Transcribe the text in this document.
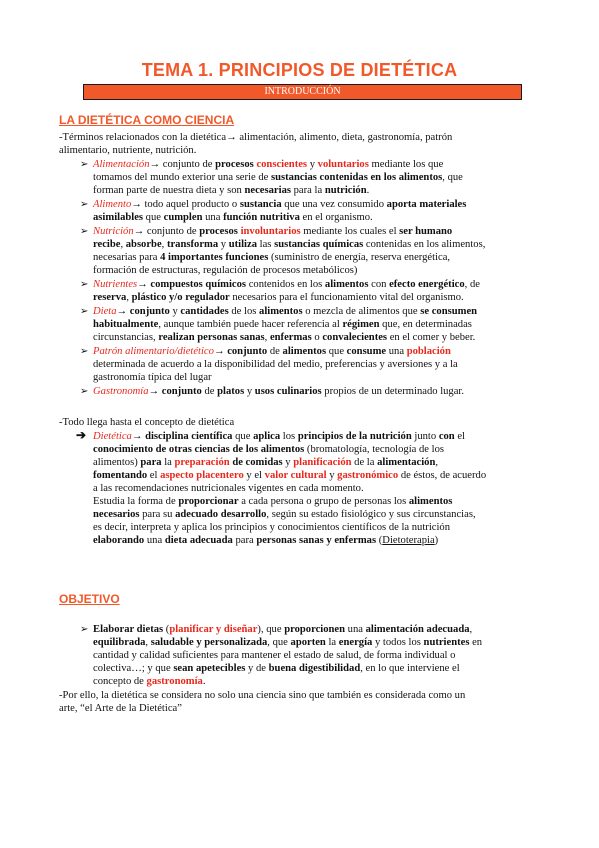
TEMA 1. PRINCIPIOS DE DIETÉTICA
INTRODUCCIÓN
LA DIETÉTICA COMO CIENCIA
-Términos relacionados con la dietética→ alimentación, alimento, dieta, gastronomía, patrón
alimentario, nutriente, nutrición.
➢ Alimentación→ conjunto de procesos conscientes y voluntarios mediante los que
tomamos del mundo exterior una serie de sustancias contenidas en los alimentos, que
forman parte de nuestra dieta y son necesarias para la nutrición.
➢ Alimento→ todo aquel producto o sustancia que una vez consumido aporta materiales
asimilables que cumplen una función nutritiva en el organismo.
➢ Nutrición→ conjunto de procesos involuntarios mediante los cuales el ser humano
recibe, absorbe, transforma y utiliza las sustancias químicas contenidas en los alimentos,
necesarias para 4 importantes funciones (suministro de energía, reserva energética,
formación de estructuras, regulación de procesos metabólicos)
➢ Nutrientes→ compuestos químicos contenidos en los alimentos con efecto energético, de
reserva, plástico y/o regulador necesarios para el funcionamiento vital del organismo.
➢ Dieta→ conjunto y cantidades de los alimentos o mezcla de alimentos que se consumen
habitualmente, aunque también puede hacer referencia al régimen que, en determinadas
circunstancias, realizan personas sanas, enfermas o convalecientes en el comer y beber.
➢ Patrón alimentario/dietético→ conjunto de alimentos que consume una población
determinada de acuerdo a la disponibilidad del medio, preferencias y aversiones y a la
gastronomía típica del lugar
➢ Gastronomía→ conjunto de platos y usos culinarios propios de un determinado lugar.
-Todo llega hasta el concepto de dietética
➔ Dietética→ disciplina científica que aplica los principios de la nutrición junto con el
conocimiento de otras ciencias de los alimentos (bromatología, tecnología de los
alimentos) para la preparación de comidas y planificación de la alimentación,
fomentando el aspecto placentero y el valor cultural y gastronómico de éstos, de acuerdo
a las recomendaciones nutricionales vigentes en cada momento.
Estudia la forma de proporcionar a cada persona o grupo de personas los alimentos
necesarios para su adecuado desarrollo, según su estado fisiológico y sus circunstancias,
es decir, interpreta y aplica los principios y conocimientos científicos de la nutrición
elaborando una dieta adecuada para personas sanas y enfermas (Dietoterapia)
OBJETIVO
➢ Elaborar dietas (planificar y diseñar), que proporcionen una alimentación adecuada,
equilibrada, saludable y personalizada, que aporten la energía y todos los nutrientes en
cantidad y calidad suficientes para mantener el estado de salud, de forma individual o
colectiva…; y que sean apetecibles y de buena digestibilidad, en lo que interviene el
concepto de gastronomía.
-Por ello, la dietética se considera no solo una ciencia sino que también es considerada como un
arte, “el Arte de la Dietética”
